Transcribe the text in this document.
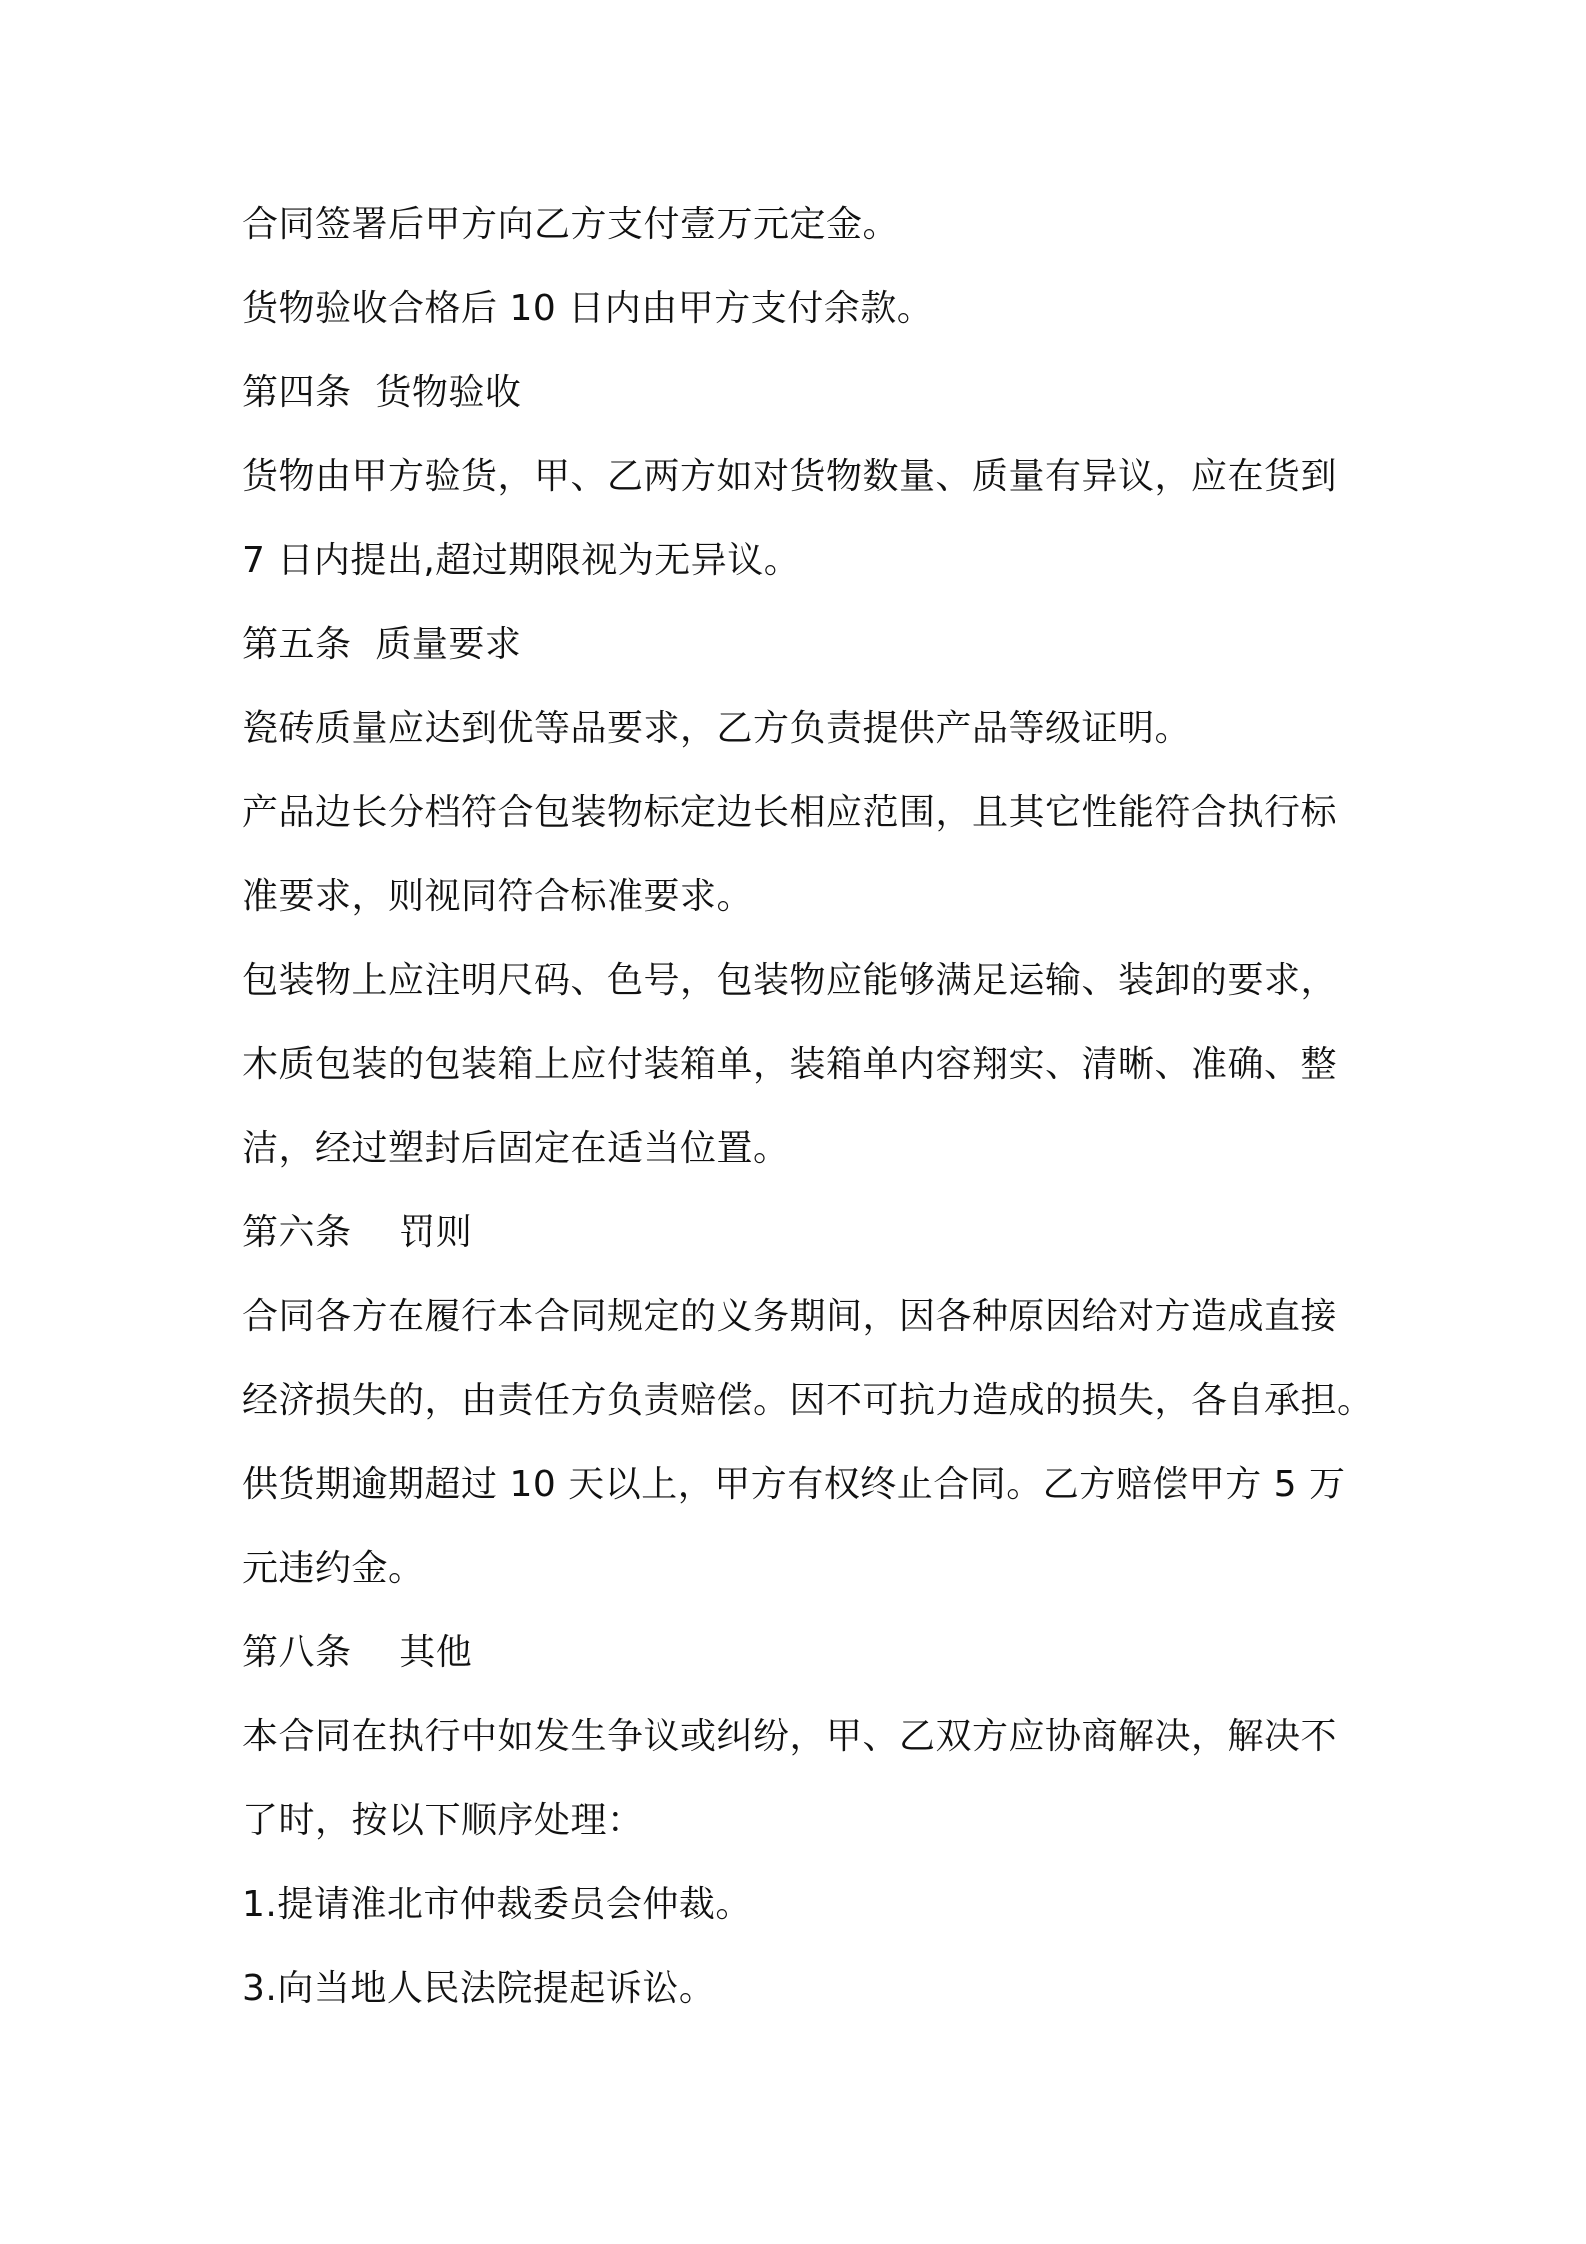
合同签署后甲方向乙方支付壹万元定金。
货物验收合格后 10 日内由甲方支付余款。
第四条  货物验收
货物由甲方验货，甲、乙两方如对货物数量、质量有异议，应在货到
7 日内提出,超过期限视为无异议。
第五条  质量要求
瓷砖质量应达到优等品要求，乙方负责提供产品等级证明。
产品边长分档符合包装物标定边长相应范围，且其它性能符合执行标
准要求，则视同符合标准要求。
包装物上应注明尺码、色号，包装物应能够满足运输、装卸的要求，
木质包装的包装箱上应付装箱单，装箱单内容翔实、清晰、准确、整
洁，经过塑封后固定在适当位置。
第六条    罚则
合同各方在履行本合同规定的义务期间，因各种原因给对方造成直接
经济损失的，由责任方负责赔偿。因不可抗力造成的损失，各自承担。
供货期逾期超过 10 天以上，甲方有权终止合同。乙方赔偿甲方 5 万
元违约金。
第八条    其他
本合同在执行中如发生争议或纠纷，甲、乙双方应协商解决，解决不
了时，按以下顺序处理：
1.提请淮北市仲裁委员会仲裁。
3.向当地人民法院提起诉讼。
